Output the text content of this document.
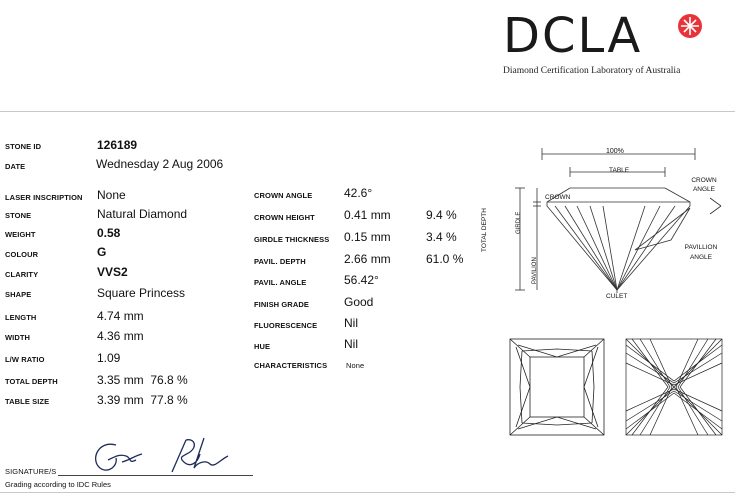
DCLA
Diamond Certification Laboratory of Australia
STONE ID	126189
DATE	Wednesday 2 Aug 2006
LASER INSCRIPTION None
STONE	Natural Diamond
WEIGHT	0.58
COLOUR	G
CLARITY	VVS2
SHAPE	Square Princess
LENGTH	4.74 mm
WIDTH	4.36 mm
L/W RATIO	1.09
TOTAL DEPTH	3.35 mm  76.8 %
TABLE SIZE	3.39 mm  77.8 %
CROWN ANGLE	42.6°
CROWN HEIGHT 0.41 mm	9.4 %
GIRDLE THICKNESS 0.15 mm	3.4 %
PAVIL. DEPTH	2.66 mm	61.0 %
PAVIL. ANGLE	56.42°
FINISH GRADE	Good
FLUORESCENCE Nil
HUE	Nil
CHARACTERISTICS	None
100%
TABLE
CROWN
CROWN ANGLE
TOTAL DEPTH	GIRDLE
PAVILION
PAVILLION ANGLE
CULET
SIGNATURE/S
Grading according to IDC Rules
